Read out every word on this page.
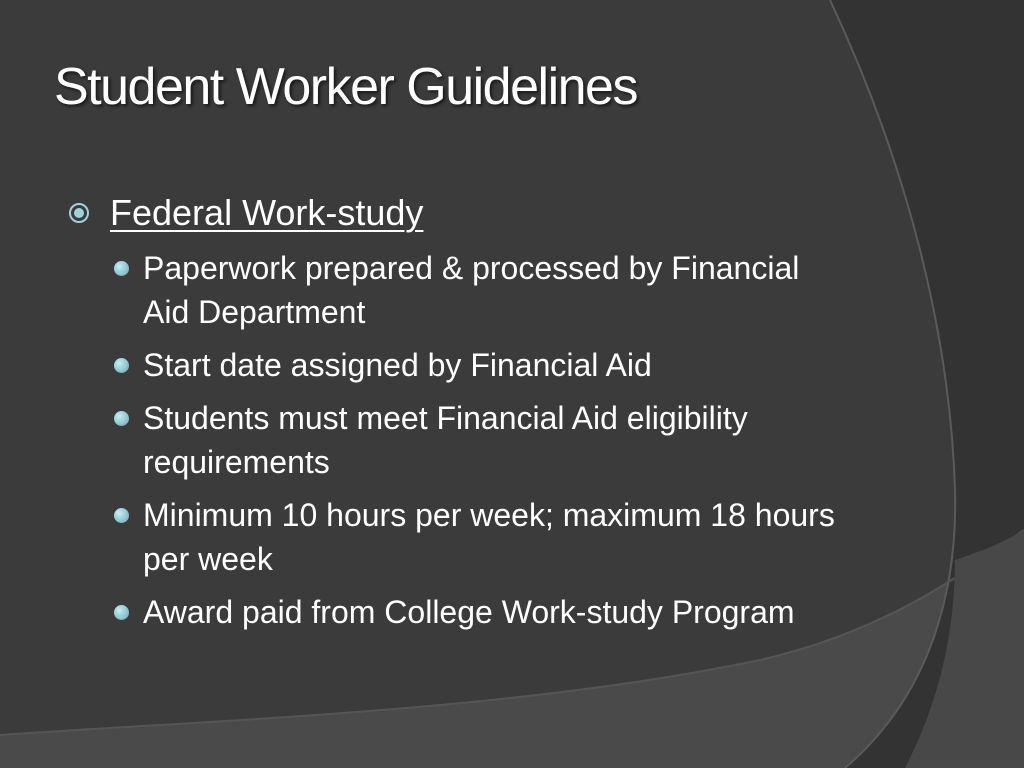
Student Worker Guidelines
Federal Work-study
Paperwork prepared & processed by Financial Aid Department
Start date assigned by Financial Aid
Students must meet Financial Aid eligibility requirements
Minimum 10 hours per week; maximum 18 hours per week
Award paid from College Work-study Program
